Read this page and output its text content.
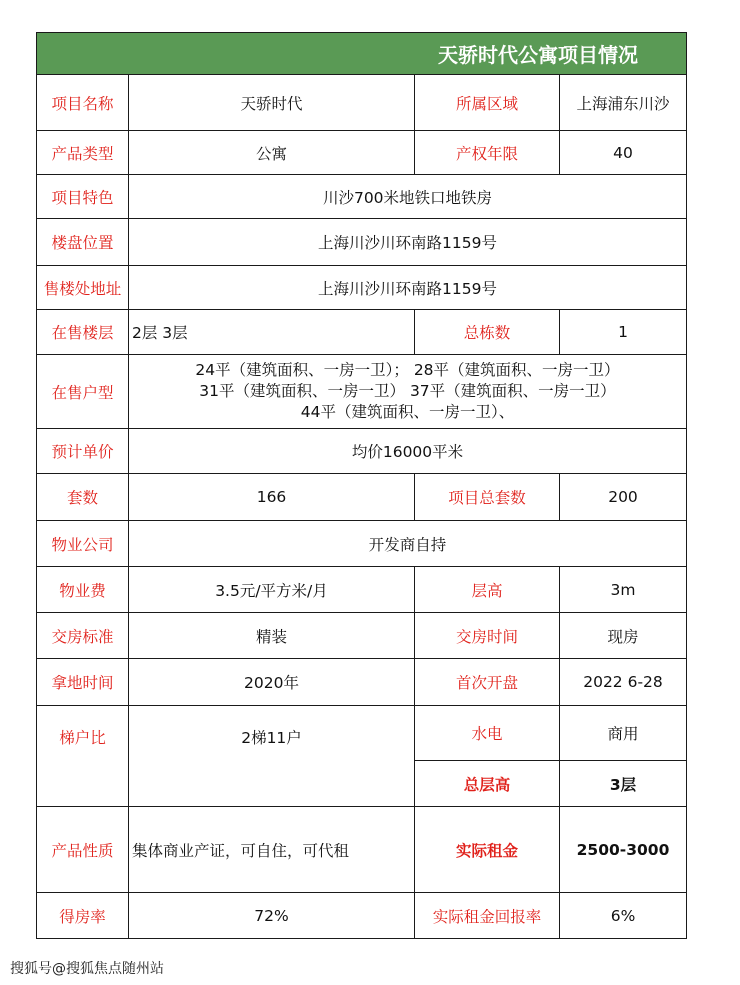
天骄时代公寓项目情况			
项目名称	天骄时代	所属区域	上海浦东川沙
产品类型	公寓	产权年限	40
项目特色	川沙700米地铁口地铁房		
楼盘位置	上海川沙川环南路1159号		
售楼处地址	上海川沙川环南路1159号		
在售楼层	2层 3层	总栋数	1
在售户型	24平（建筑面积、一房一卫）； 28平（建筑面积、一房一卫）
31平（建筑面积、一房一卫） 37平（建筑面积、一房一卫）
44平（建筑面积、一房一卫）、		

预计单价	均价16000平米		
套数	166	项目总套数	200
物业公司	开发商自持		
物业费	3.5元/平方米/月	层高	3m
交房标准	精装	交房时间	现房
拿地时间	2020年	首次开盘	2022 6-28
梯户比	2梯11户	水电	商用
		总层高	3层
产品性质	集体商业产证，可自住，可代租	实际租金	2500-3000
得房率	72%	实际租金回报率	6%
搜狐号@搜狐焦点随州站
